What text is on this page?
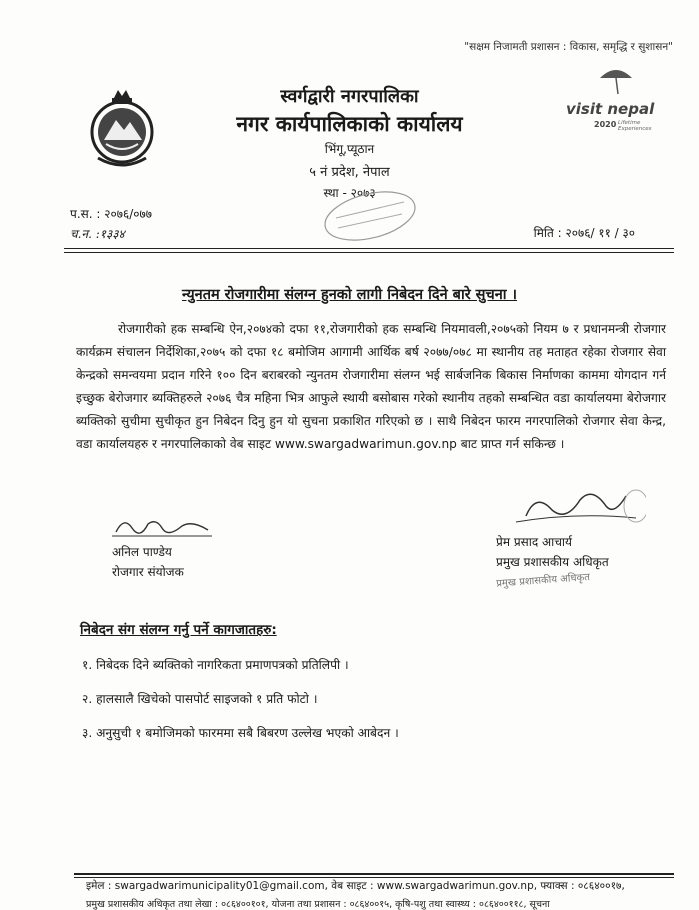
"सक्षम निजामती प्रशासन : विकास, समृद्धि र सुशासन"
visit nepal
2020 Lifetime Experiences
स्वर्गद्वारी नगरपालिका
नगर कार्यपालिकाको कार्यालय
भिंगू,प्यूठान
५ नं प्रदेश, नेपाल
स्था - २०७३
प.स. : २०७६/०७७
च.न. :१३३४	मिति : २०७६/ ११ / ३०
न्युनतम रोजगारीमा संलग्न हुनको लागी निबेदन दिने बारे सुचना ।
रोजगारीको हक सम्बन्धि ऐन,२०७४को दफा ११,रोजगारीको हक सम्बन्धि नियमावली,२०७५को नियम ७ र प्रधानमन्त्री रोजगार कार्यक्रम संचालन निर्देशिका,२०७५ को दफा १८ बमोजिम आगामी आर्थिक बर्ष २०७७/०७८ मा स्थानीय तह मताहत रहेका रोजगार सेवा केन्द्रको समन्वयमा प्रदान गरिने १०० दिन बराबरको न्युनतम रोजगारीमा संलग्न भई सार्बजनिक बिकास निर्माणका काममा योगदान गर्न इच्छुक बेरोजगार ब्यक्तिहरुले २०७६ चैत्र महिना भित्र आफुले स्थायी बसोबास गरेको स्थानीय तहको सम्बन्धित वडा कार्यालयमा बेरोजगार ब्यक्तिको सुचीमा सुचीकृत हुन निबेदन दिनु हुन यो सुचना प्रकाशित गरिएको छ । साथै निबेदन फारम नगरपालिको रोजगार सेवा केन्द्र, वडा कार्यालयहरु र नगरपालिकाको वेब साइट www.swargadwarimun.gov.np बाट प्राप्त गर्न सकिन्छ ।
अनिल पाण्डेय
रोजगार संयोजक
प्रेम प्रसाद आचार्य
प्रमुख प्रशासकीय अधिकृत
प्रमुख प्रशासकीय अधिकृत
निबेदन संग संलग्न गर्नु पर्ने कागजातहरु:
१. निबेदक दिने ब्यक्तिको नागरिकता प्रमाणपत्रको प्रतिलिपी ।
२. हालसालै खिचेको पासपोर्ट साइजको १ प्रति फोटो ।
३. अनुसुची १ बमोजिमको फारममा सबै बिबरण उल्लेख भएको आबेदन ।
इमेल : swargadwarimunicipality01@gmail.com, वेब साइट : www.swargadwarimun.gov.np, फ्याक्स : ०८६४००१७,
प्रमुख प्रशासकीय अधिकृत तथा लेखा : ०८६४००१०१, योजना तथा प्रशासन : ०८६४००१५, कृषि-पशु तथा स्वास्थ्य : ०८६४००११८, सूचना
